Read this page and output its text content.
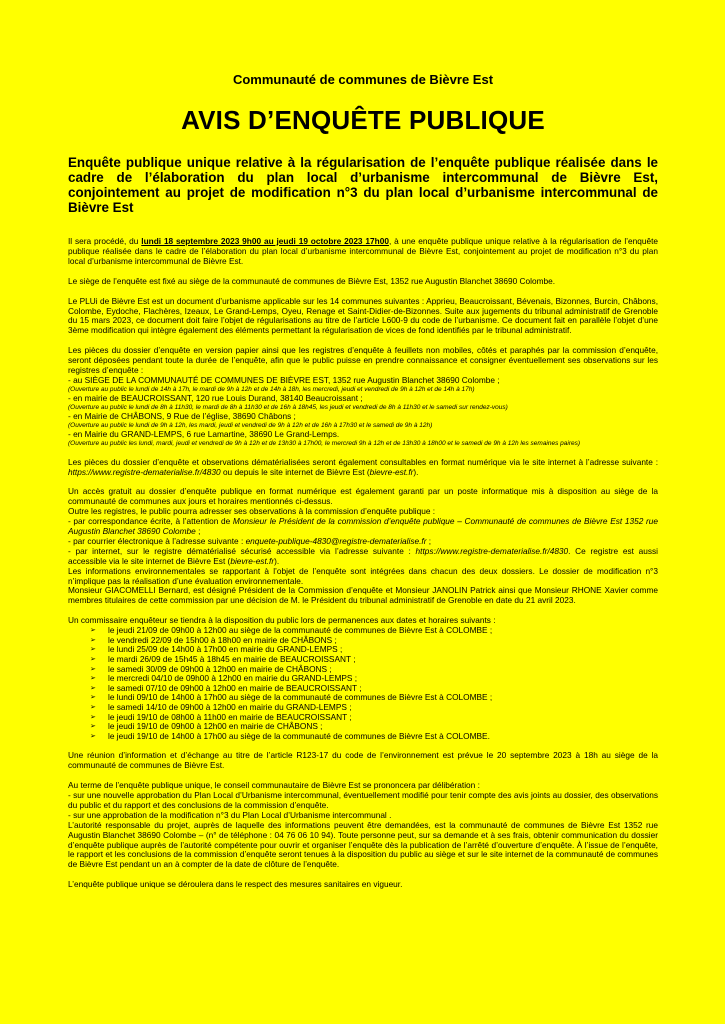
Communauté de communes de Bièvre Est
AVIS D’ENQUÊTE PUBLIQUE
Enquête publique unique relative à la régularisation de l’enquête publique réalisée dans le cadre de l’élaboration du plan local d’urbanisme intercommunal de Bièvre Est, conjointement au projet de modification n°3 du plan local d’urbanisme intercommunal de Bièvre Est

Il sera procédé, du lundi 18 septembre 2023 9h00 au jeudi 19 octobre 2023 17h00, à une enquête publique unique relative à la régularisation de l’enquête publique réalisée dans le cadre de l’élaboration du plan local d’urbanisme intercommunal de Bièvre Est, conjointement au projet de modification n°3 du plan local d’urbanisme intercommunal de Bièvre Est.

Le siège de l’enquête est fixé au siège de la communauté de communes de Bièvre Est, 1352 rue Augustin Blanchet 38690 Colombe.

Le PLUi de Bièvre Est est un document d’urbanisme applicable sur les 14 communes suivantes : Apprieu, Beaucroissant, Bévenais, Bizonnes, Burcin, Châbons, Colombe, Eydoche, Flachères, Izeaux, Le Grand-Lemps, Oyeu, Renage et Saint-Didier-de-Bizonnes. Suite aux jugements du tribunal administratif de Grenoble du 15 mars 2023, ce document doit faire l’objet de régularisations au titre de l’article L600-9 du code de l’urbanisme. Ce document fait en parallèle l’objet d’une 3ème modification qui intègre également des éléments permettant la régularisation de vices de fond identifiés par le tribunal administratif.

Les pièces du dossier d’enquête en version papier ainsi que les registres d’enquête à feuillets non mobiles, côtés et paraphés par la commission d’enquête, seront déposées pendant toute la durée de l’enquête, afin que le public puisse en prendre connaissance et consigner éventuellement ses observations sur les registres d’enquête :
- au SIÈGE DE LA COMMUNAUTÉ DE COMMUNES DE BIÈVRE EST, 1352 rue Augustin Blanchet 38690 Colombe ;
(Ouverture au public le lundi de 14h à 17h, le mardi de 9h à 12h et de 14h à 18h, les mercredi, jeudi et vendredi de 9h à 12h et de 14h à 17h)
- en mairie de BEAUCROISSANT, 120 rue Louis Durand, 38140 Beaucroissant ;
(Ouverture au public le lundi de 8h à 11h30, le mardi de 8h à 11h30 et de 16h à 18h45, les jeudi et vendredi de 8h à 11h30 et le samedi sur rendez-vous)
- en Mairie de CHÂBONS, 9 Rue de l’église, 38690 Châbons ;
(Ouverture au public le lundi de 9h à 12h, les mardi, jeudi et vendredi de 9h à 12h et de 16h à 17h30 et le samedi de 9h à 12h)
- en Mairie du GRAND-LEMPS, 6 rue Lamartine, 38690 Le Grand-Lemps.
(Ouverture au public les lundi, mardi, jeudi et vendredi de 9h à 12h et de 13h30 à 17h00, le mercredi 9h à 12h et de 13h30 à 18h00 et le samedi de 9h à 12h les semaines paires)

Les pièces du dossier d’enquête et observations dématérialisées seront également consultables en format numérique via le site internet à l’adresse suivante : https://www.registre-dematerialise.fr/4830 ou depuis le site internet de Bièvre Est (bievre-est.fr).

Un accès gratuit au dossier d’enquête publique en format numérique est également garanti par un poste informatique mis à disposition au siège de la communauté de communes aux jours et horaires mentionnés ci-dessus.
Outre les registres, le public pourra adresser ses observations à la commission d’enquête publique :
- par correspondance écrite, à l’attention de Monsieur le Président de la commission d’enquête publique – Communauté de communes de Bièvre Est 1352 rue Augustin Blanchet 38690 Colombe ;
- par courrier électronique à l’adresse suivante : enquete-publique-4830@registre-dematerialise.fr ;
- par internet, sur le registre dématérialisé sécurisé accessible via l’adresse suivante : https://www.registre-dematerialise.fr/4830. Ce registre est aussi accessible via le site internet de Bièvre Est (bievre-est.fr).
Les informations environnementales se rapportant à l’objet de l’enquête sont intégrées dans chacun des deux dossiers. Le dossier de modification n°3 n’implique pas la réalisation d’une évaluation environnementale.
Monsieur GIACOMELLI Bernard, est désigné Président de la Commission d’enquête et Monsieur JANOLIN Patrick ainsi que Monsieur RHONE Xavier comme membres titulaires de cette commission par une décision de M. le Président du tribunal administratif de Grenoble en date du 21 avril 2023.

Un commissaire enquêteur se tiendra à la disposition du public lors de permanences aux dates et horaires suivants :
➢ le jeudi 21/09 de 09h00 à 12h00 au siège de la communauté de communes de Bièvre Est à COLOMBE ;
➢ le vendredi 22/09 de 15h00 à 18h00 en mairie de CHÂBONS ;
➢ le lundi 25/09 de 14h00 à 17h00 en mairie du GRAND-LEMPS ;
➢ le mardi 26/09 de 15h45 à 18h45 en mairie de BEAUCROISSANT ;
➢ le samedi 30/09 de 09h00 à 12h00 en mairie de CHÂBONS ;
➢ le mercredi 04/10 de 09h00 à 12h00 en mairie du GRAND-LEMPS ;
➢ le samedi 07/10 de 09h00 à 12h00 en mairie de BEAUCROISSANT ;
➢ le lundi 09/10 de 14h00 à 17h00 au siège de la communauté de communes de Bièvre Est à COLOMBE ;
➢ le samedi 14/10 de 09h00 à 12h00 en mairie du GRAND-LEMPS ;
➢ le jeudi 19/10 de 08h00 à 11h00 en mairie de BEAUCROISSANT ;
➢ le jeudi 19/10 de 09h00 à 12h00 en mairie de CHÂBONS ;
➢ le jeudi 19/10 de 14h00 à 17h00 au siège de la communauté de communes de Bièvre Est à COLOMBE.

Une réunion d’information et d’échange au titre de l’article R123-17 du code de l’environnement est prévue le 20 septembre 2023 à 18h au siège de la communauté de communes de Bièvre Est.

Au terme de l’enquête publique unique, le conseil communautaire de Bièvre Est se prononcera par délibération :
- sur une nouvelle approbation du Plan Local d’Urbanisme intercommunal, éventuellement modifié pour tenir compte des avis joints au dossier, des observations du public et du rapport et des conclusions de la commission d’enquête.
- sur une approbation de la modification n°3 du Plan Local d’Urbanisme intercommunal .
L’autorité responsable du projet, auprès de laquelle des informations peuvent être demandées, est la communauté de communes de Bièvre Est 1352 rue Augustin Blanchet 38690 Colombe – (n° de téléphone : 04 76 06 10 94). Toute personne peut, sur sa demande et à ses frais, obtenir communication du dossier d’enquête publique auprès de l’autorité compétente pour ouvrir et organiser l’enquête dès la publication de l’arrêté d’ouverture d’enquête. À l’issue de l’enquête, le rapport et les conclusions de la commission d’enquête seront tenues à la disposition du public au siège et sur le site internet de la communauté de communes de Bièvre Est pendant un an à compter de la date de clôture de l’enquête.

L’enquête publique unique se déroulera dans le respect des mesures sanitaires en vigueur.
